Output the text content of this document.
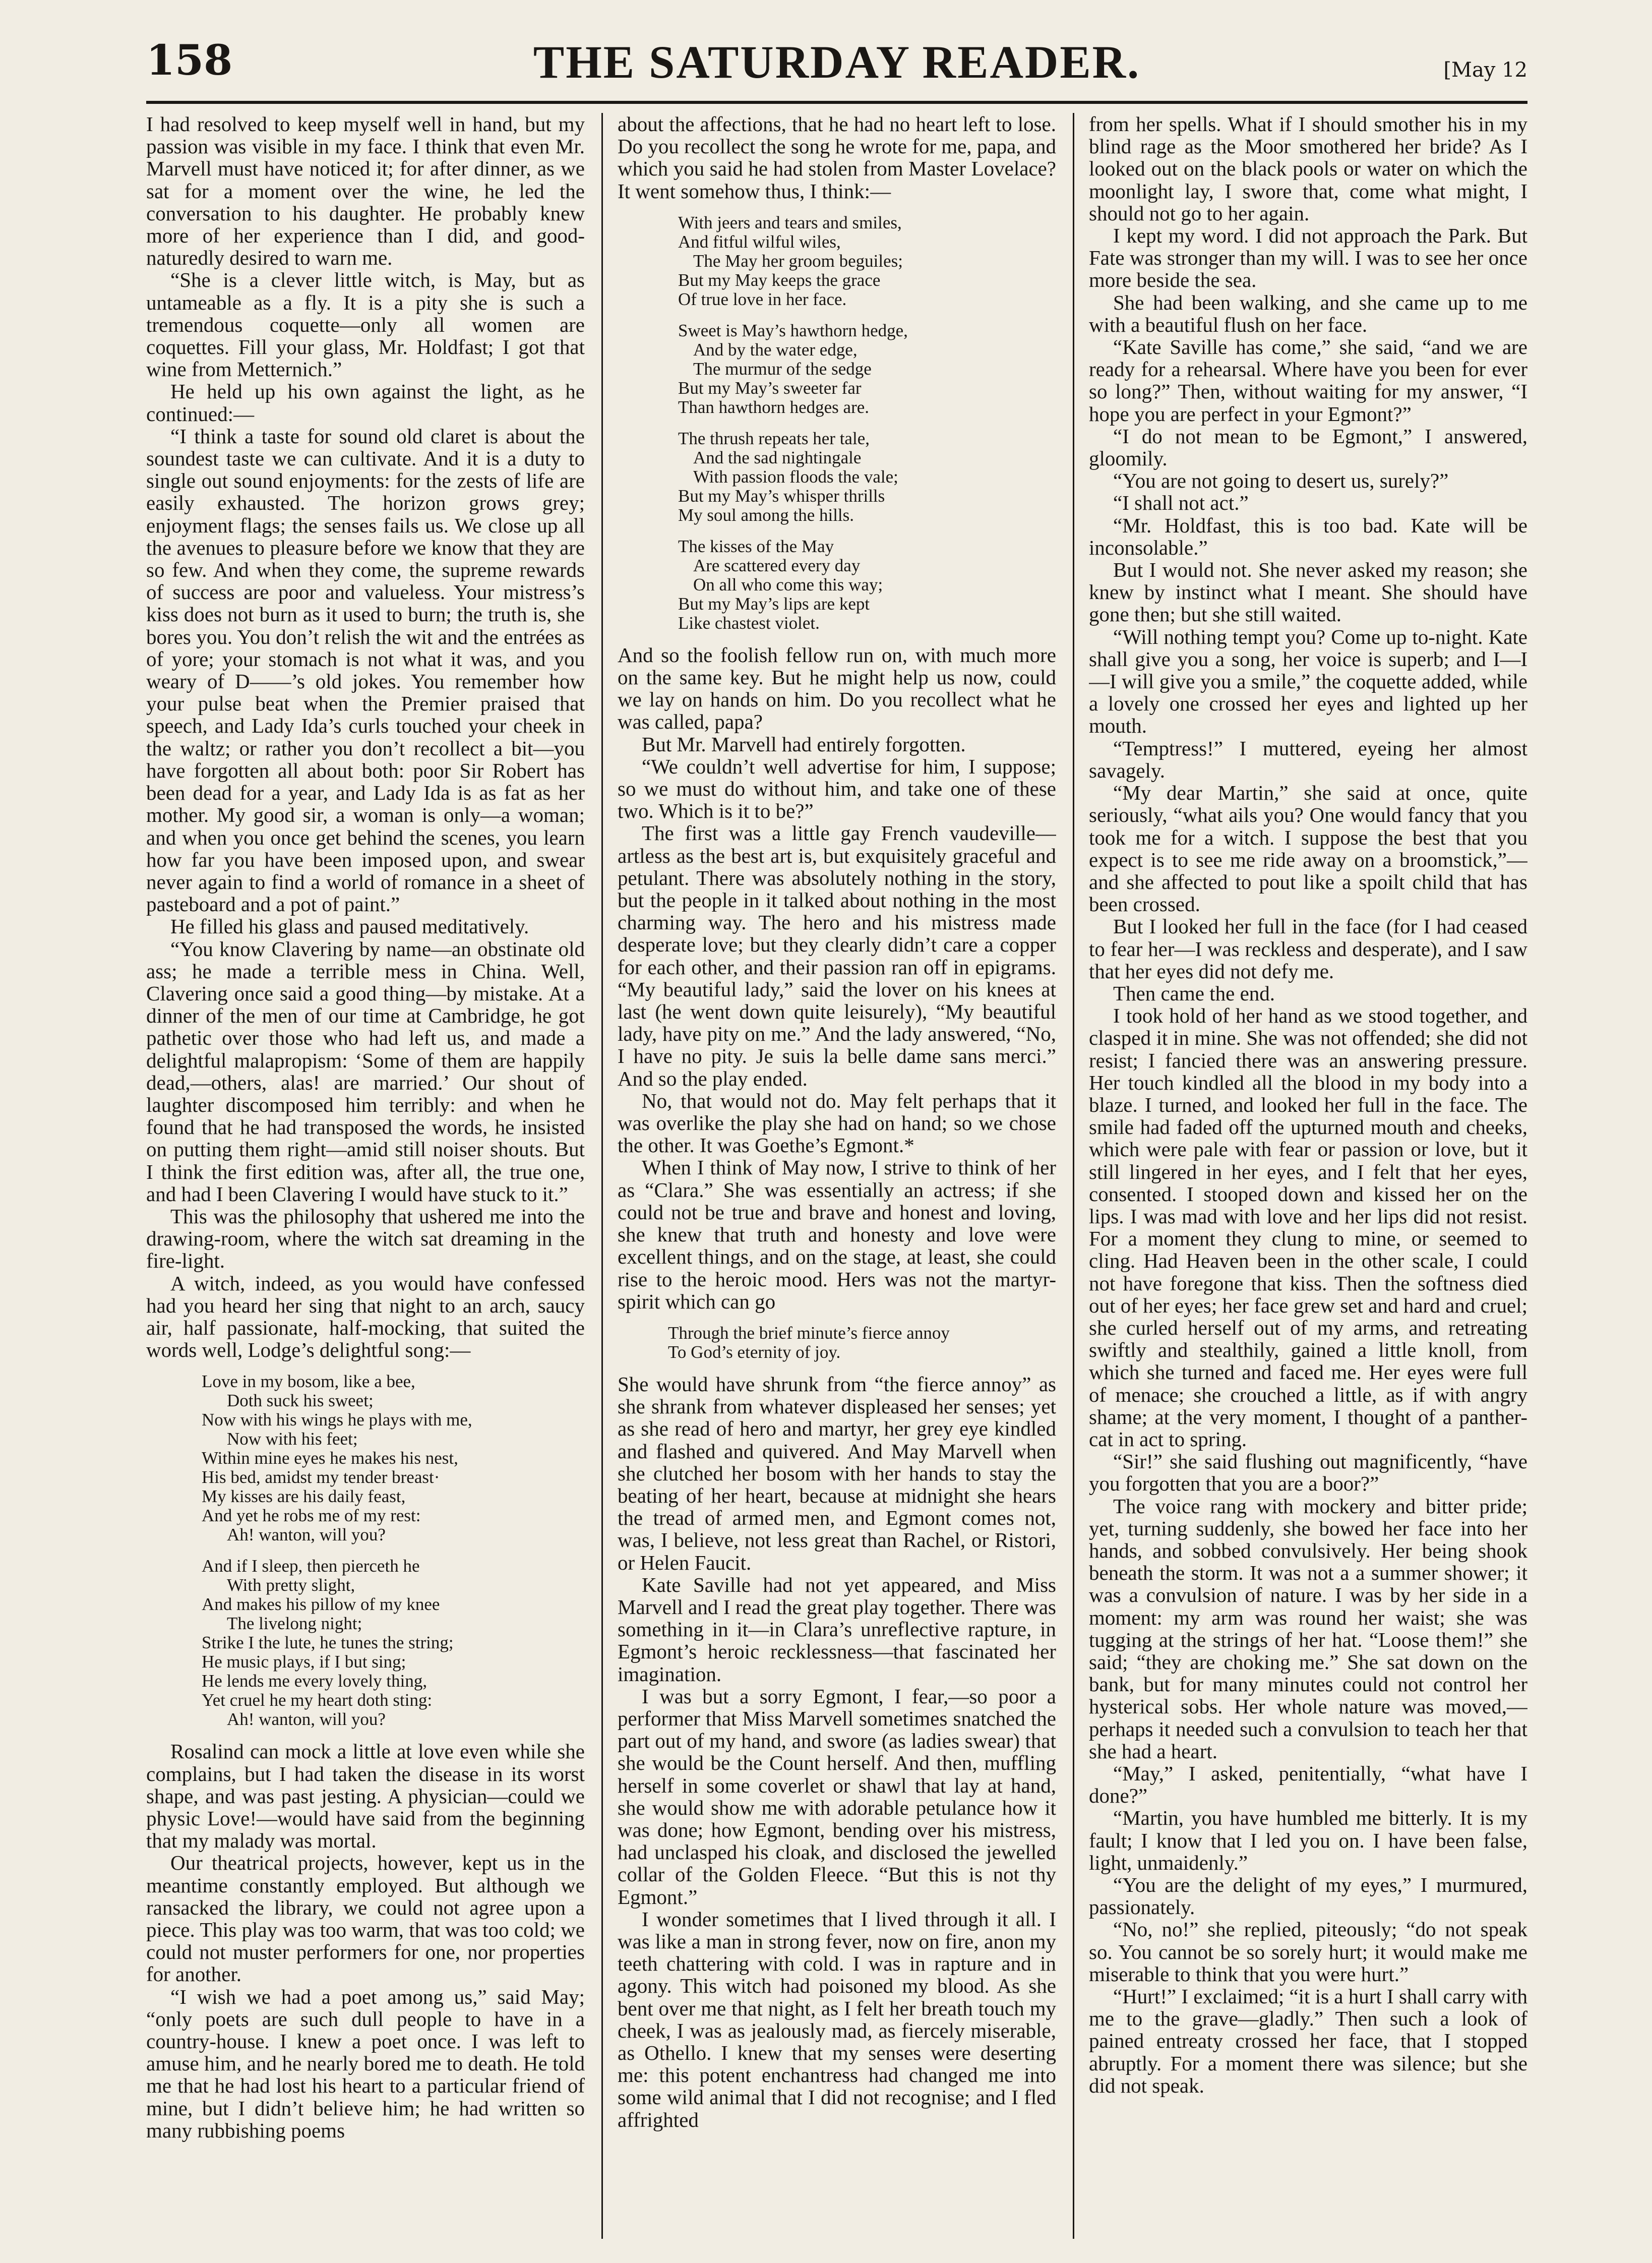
158	THE SATURDAY READER.	[May 12

I had resolved to keep myself well in hand, but my passion was visible in my face. I think that even Mr. Marvell must have noticed it; for after dinner, as we sat for a moment over the wine, he led the conversation to his daughter. He probably knew more of her experience than I did, and good-naturedly desired to warn me.

“She is a clever little witch, is May, but as untameable as a fly. It is a pity she is such a tremendous coquette—only all women are coquettes. Fill your glass, Mr. Holdfast; I got that wine from Metternich.”

He held up his own against the light, as he continued:—

“I think a taste for sound old claret is about the soundest taste we can cultivate. And it is a duty to single out sound enjoyments: for the zests of life are easily exhausted. The horizon grows grey; enjoyment flags; the senses fails us. We close up all the avenues to pleasure before we know that they are so few. And when they come, the supreme rewards of success are poor and valueless. Your mistress’s kiss does not burn as it used to burn; the truth is, she bores you. You don’t relish the wit and the entrées as of yore; your stomach is not what it was, and you weary of D——’s old jokes. You remember how your pulse beat when the Premier praised that speech, and Lady Ida’s curls touched your cheek in the waltz; or rather you don’t recollect a bit—you have forgotten all about both: poor Sir Robert has been dead for a year, and Lady Ida is as fat as her mother. My good sir, a woman is only—a woman; and when you once get behind the scenes, you learn how far you have been imposed upon, and swear never again to find a world of romance in a sheet of pasteboard and a pot of paint.”

He filled his glass and paused meditatively.

“You know Clavering by name—an obstinate old ass; he made a terrible mess in China. Well, Clavering once said a good thing—by mistake. At a dinner of the men of our time at Cambridge, he got pathetic over those who had left us, and made a delightful malapropism: ‘Some of them are happily dead,—others, alas! are married.’ Our shout of laughter discomposed him terribly: and when he found that he had transposed the words, he insisted on putting them right—amid still noiser shouts. But I think the first edition was, after all, the true one, and had I been Clavering I would have stuck to it.”

This was the philosophy that ushered me into the drawing-room, where the witch sat dreaming in the fire-light.

A witch, indeed, as you would have confessed had you heard her sing that night to an arch, saucy air, half passionate, half-mocking, that suited the words well, Lodge’s delightful song:—

Love in my bosom, like a bee,
Doth suck his sweet;
Now with his wings he plays with me,
Now with his feet;
Within mine eyes he makes his nest,
His bed, amidst my tender breast·
My kisses are his daily feast,
And yet he robs me of my rest:
Ah! wanton, will you?
And if I sleep, then pierceth he
With pretty slight,
And makes his pillow of my knee
The livelong night;
Strike I the lute, he tunes the string;
He music plays, if I but sing;
He lends me every lovely thing,
Yet cruel he my heart doth sting:
Ah! wanton, will you?

Rosalind can mock a little at love even while she complains, but I had taken the disease in its worst shape, and was past jesting. A physician—could we physic Love!—would have said from the beginning that my malady was mortal.

Our theatrical projects, however, kept us in the meantime constantly employed. But although we ransacked the library, we could not agree upon a piece. This play was too warm, that was too cold; we could not muster performers for one, nor properties for another.

“I wish we had a poet among us,” said May; “only poets are such dull people to have in a country-house. I knew a poet once. I was left to amuse him, and he nearly bored me to death. He told me that he had lost his heart to a particular friend of mine, but I didn’t believe him; he had written so many rubbishing poems

about the affections, that he had no heart left to lose. Do you recollect the song he wrote for me, papa, and which you said he had stolen from Master Lovelace? It went somehow thus, I think:—

With jeers and tears and smiles,
And fitful wilful wiles,
The May her groom beguiles;
But my May keeps the grace
Of true love in her face.
Sweet is May’s hawthorn hedge,
And by the water edge,
The murmur of the sedge
But my May’s sweeter far
Than hawthorn hedges are.
The thrush repeats her tale,
And the sad nightingale
With passion floods the vale;
But my May’s whisper thrills
My soul among the hills.
The kisses of the May
Are scattered every day
On all who come this way;
But my May’s lips are kept
Like chastest violet.

And so the foolish fellow run on, with much more on the same key. But he might help us now, could we lay on hands on him. Do you recollect what he was called, papa?

But Mr. Marvell had entirely forgotten.

“We couldn’t well advertise for him, I suppose; so we must do without him, and take one of these two. Which is it to be?”

The first was a little gay French vaudeville—artless as the best art is, but exquisitely graceful and petulant. There was absolutely nothing in the story, but the people in it talked about nothing in the most charming way. The hero and his mistress made desperate love; but they clearly didn’t care a copper for each other, and their passion ran off in epigrams. “My beautiful lady,” said the lover on his knees at last (he went down quite leisurely), “My beautiful lady, have pity on me.” And the lady answered, “No, I have no pity. Je suis la belle dame sans merci.” And so the play ended.

No, that would not do. May felt perhaps that it was overlike the play she had on hand; so we chose the other. It was Goethe’s Egmont.*

When I think of May now, I strive to think of her as “Clara.” She was essentially an actress; if she could not be true and brave and honest and loving, she knew that truth and honesty and love were excellent things, and on the stage, at least, she could rise to the heroic mood. Hers was not the martyr-spirit which can go

Through the brief minute’s fierce annoy
To God’s eternity of joy.

She would have shrunk from “the fierce annoy” as she shrank from whatever displeased her senses; yet as she read of hero and martyr, her grey eye kindled and flashed and quivered. And May Marvell when she clutched her bosom with her hands to stay the beating of her heart, because at midnight she hears the tread of armed men, and Egmont comes not, was, I believe, not less great than Rachel, or Ristori, or Helen Faucit.

Kate Saville had not yet appeared, and Miss Marvell and I read the great play together. There was something in it—in Clara’s unreflective rapture, in Egmont’s heroic recklessness—that fascinated her imagination.

I was but a sorry Egmont, I fear,—so poor a performer that Miss Marvell sometimes snatched the part out of my hand, and swore (as ladies swear) that she would be the Count herself. And then, muffling herself in some coverlet or shawl that lay at hand, she would show me with adorable petulance how it was done; how Egmont, bending over his mistress, had unclasped his cloak, and disclosed the jewelled collar of the Golden Fleece. “But this is not thy Egmont.”

I wonder sometimes that I lived through it all. I was like a man in strong fever, now on fire, anon my teeth chattering with cold. I was in rapture and in agony. This witch had poisoned my blood. As she bent over me that night, as I felt her breath touch my cheek, I was as jealously mad, as fiercely miserable, as Othello. I knew that my senses were deserting me: this potent enchantress had changed me into some wild animal that I did not recognise; and I fled affrighted

from her spells. What if I should smother his in my blind rage as the Moor smothered her bride? As I looked out on the black pools or water on which the moonlight lay, I swore that, come what might, I should not go to her again.

I kept my word. I did not approach the Park. But Fate was stronger than my will. I was to see her once more beside the sea.

She had been walking, and she came up to me with a beautiful flush on her face.

“Kate Saville has come,” she said, “and we are ready for a rehearsal. Where have you been for ever so long?” Then, without waiting for my answer, “I hope you are perfect in your Egmont?”

“I do not mean to be Egmont,” I answered, gloomily.

“You are not going to desert us, surely?”

“I shall not act.”

“Mr. Holdfast, this is too bad. Kate will be inconsolable.”

But I would not. She never asked my reason; she knew by instinct what I meant. She should have gone then; but she still waited.

“Will nothing tempt you? Come up to-night. Kate shall give you a song, her voice is superb; and I—I—I will give you a smile,” the coquette added, while a lovely one crossed her eyes and lighted up her mouth.

“Temptress!” I muttered, eyeing her almost savagely.

“My dear Martin,” she said at once, quite seriously, “what ails you? One would fancy that you took me for a witch. I suppose the best that you expect is to see me ride away on a broomstick,”—and she affected to pout like a spoilt child that has been crossed.

But I looked her full in the face (for I had ceased to fear her—I was reckless and desperate), and I saw that her eyes did not defy me.

Then came the end.

I took hold of her hand as we stood together, and clasped it in mine. She was not offended; she did not resist; I fancied there was an answering pressure. Her touch kindled all the blood in my body into a blaze. I turned, and looked her full in the face. The smile had faded off the upturned mouth and cheeks, which were pale with fear or passion or love, but it still lingered in her eyes, and I felt that her eyes, consented. I stooped down and kissed her on the lips. I was mad with love and her lips did not resist. For a moment they clung to mine, or seemed to cling. Had Heaven been in the other scale, I could not have foregone that kiss. Then the softness died out of her eyes; her face grew set and hard and cruel; she curled herself out of my arms, and retreating swiftly and stealthily, gained a little knoll, from which she turned and faced me. Her eyes were full of menace; she crouched a little, as if with angry shame; at the very moment, I thought of a panther-cat in act to spring.

“Sir!” she said flushing out magnificently, “have you forgotten that you are a boor?”

The voice rang with mockery and bitter pride; yet, turning suddenly, she bowed her face into her hands, and sobbed convulsively. Her being shook beneath the storm. It was not a a summer shower; it was a convulsion of nature. I was by her side in a moment: my arm was round her waist; she was tugging at the strings of her hat. “Loose them!” she said; “they are choking me.” She sat down on the bank, but for many minutes could not control her hysterical sobs. Her whole nature was moved,—perhaps it needed such a convulsion to teach her that she had a heart.

“May,” I asked, penitentially, “what have I done?”

“Martin, you have humbled me bitterly. It is my fault; I know that I led you on. I have been false, light, unmaidenly.”

“You are the delight of my eyes,” I murmured, passionately.

“No, no!” she replied, piteously; “do not speak so. You cannot be so sorely hurt; it would make me miserable to think that you were hurt.”

“Hurt!” I exclaimed; “it is a hurt I shall carry with me to the grave—gladly.” Then such a look of pained entreaty crossed her face, that I stopped abruptly. For a moment there was silence; but she did not speak.
